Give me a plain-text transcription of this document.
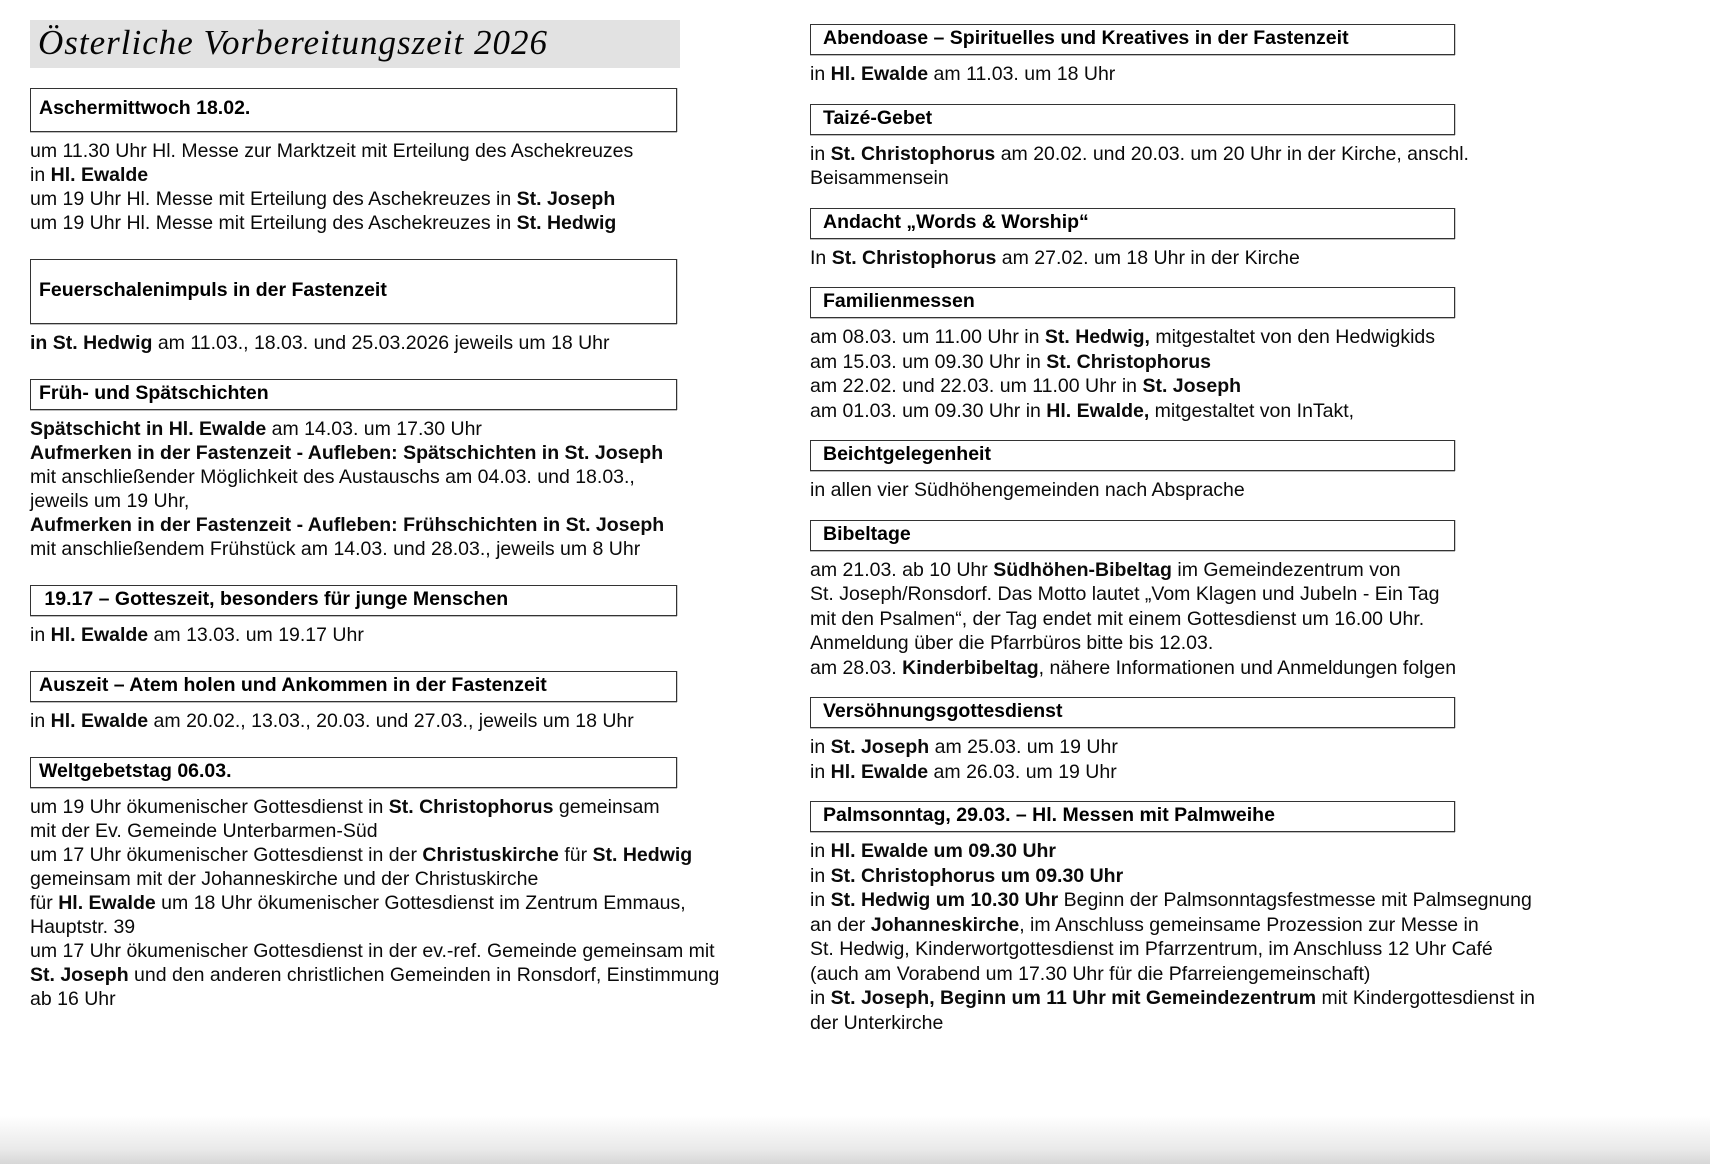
Österliche Vorbereitungszeit 2026
Aschermittwoch 18.02.
um 11.30 Uhr Hl. Messe zur Marktzeit mit Erteilung des Aschekreuzes
in Hl. Ewalde
um 19 Uhr Hl. Messe mit Erteilung des Aschekreuzes in St. Joseph
um 19 Uhr Hl. Messe mit Erteilung des Aschekreuzes in St. Hedwig
Feuerschalenimpuls in der Fastenzeit
in St. Hedwig am 11.03., 18.03. und 25.03.2026 jeweils um 18 Uhr
Früh- und Spätschichten
Spätschicht in Hl. Ewalde am 14.03. um 17.30 Uhr
Aufmerken in der Fastenzeit - Aufleben: Spätschichten in St. Joseph
mit anschließender Möglichkeit des Austauschs am 04.03. und 18.03.,
jeweils um 19 Uhr,
Aufmerken in der Fastenzeit - Aufleben: Frühschichten in St. Joseph
mit anschließendem Frühstück am 14.03. und 28.03., jeweils um 8 Uhr
19.17 – Gotteszeit, besonders für junge Menschen
in Hl. Ewalde am 13.03. um 19.17 Uhr
Auszeit – Atem holen und Ankommen in der Fastenzeit
in Hl. Ewalde am 20.02., 13.03., 20.03. und 27.03., jeweils um 18 Uhr
Weltgebetstag 06.03.
um 19 Uhr ökumenischer Gottesdienst in St. Christophorus gemeinsam
mit der Ev. Gemeinde Unterbarmen-Süd
um 17 Uhr ökumenischer Gottesdienst in der Christuskirche für St. Hedwig
gemeinsam mit der Johanneskirche und der Christuskirche
für Hl. Ewalde um 18 Uhr ökumenischer Gottesdienst im Zentrum Emmaus,
Hauptstr. 39
um 17 Uhr ökumenischer Gottesdienst in der ev.-ref. Gemeinde gemeinsam mit
St. Joseph und den anderen christlichen Gemeinden in Ronsdorf, Einstimmung
ab 16 Uhr
Abendoase – Spirituelles und Kreatives in der Fastenzeit
in Hl. Ewalde am 11.03. um 18 Uhr
Taizé-Gebet
in St. Christophorus am 20.02. und 20.03. um 20 Uhr in der Kirche, anschl.
Beisammensein
Andacht „Words & Worship“
In St. Christophorus am 27.02. um 18 Uhr in der Kirche
Familienmessen
am 08.03. um 11.00 Uhr in St. Hedwig, mitgestaltet von den Hedwigkids
am 15.03. um 09.30 Uhr in St. Christophorus
am 22.02. und 22.03. um 11.00 Uhr in St. Joseph
am 01.03. um 09.30 Uhr in Hl. Ewalde, mitgestaltet von InTakt,
Beichtgelegenheit
in allen vier Südhöhengemeinden nach Absprache
Bibeltage
am 21.03. ab 10 Uhr Südhöhen-Bibeltag im Gemeindezentrum von
St. Joseph/Ronsdorf. Das Motto lautet „Vom Klagen und Jubeln - Ein Tag
mit den Psalmen“, der Tag endet mit einem Gottesdienst um 16.00 Uhr.
Anmeldung über die Pfarrbüros bitte bis 12.03.
am 28.03. Kinderbibeltag, nähere Informationen und Anmeldungen folgen
Versöhnungsgottesdienst
in St. Joseph am 25.03. um 19 Uhr
in Hl. Ewalde am 26.03. um 19 Uhr
Palmsonntag, 29.03. – Hl. Messen mit Palmweihe
in Hl. Ewalde um 09.30 Uhr
in St. Christophorus um 09.30 Uhr
in St. Hedwig um 10.30 Uhr Beginn der Palmsonntagsfestmesse mit Palmsegnung
an der Johanneskirche, im Anschluss gemeinsame Prozession zur Messe in
St. Hedwig, Kinderwortgottesdienst im Pfarrzentrum, im Anschluss 12 Uhr Café
(auch am Vorabend um 17.30 Uhr für die Pfarreiengemeinschaft)
in St. Joseph, Beginn um 11 Uhr mit Gemeindezentrum mit Kindergottesdienst in
der Unterkirche
